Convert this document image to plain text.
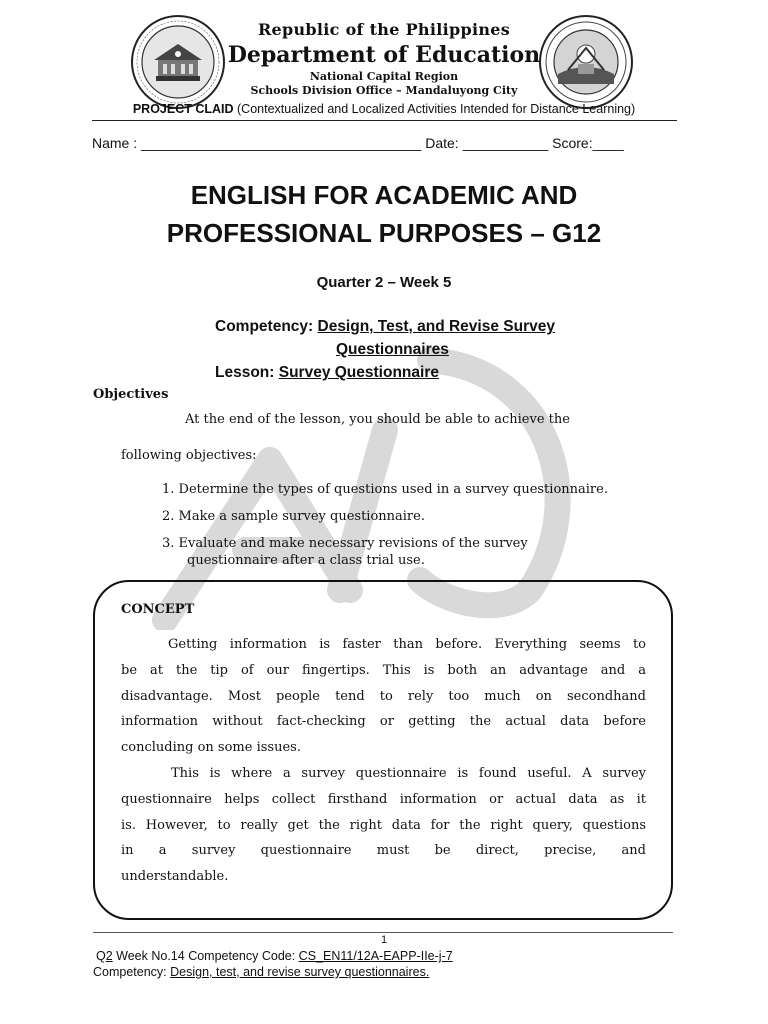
Republic of the Philippines
Department of Education
National Capital Region
Schools Division Office – Mandaluyong City
PROJECT CLAID (Contextualized and Localized Activities Intended for Distance Learning)
Name : ____________________________________ Date: ___________ Score:____
ENGLISH FOR ACADEMIC AND
PROFESSIONAL PURPOSES – G12
Quarter 2 – Week 5
Competency: Design, Test, and Revise Survey
Questionnaires
Lesson: Survey Questionnaire
Objectives
At the end of the lesson, you should be able to achieve the
following objectives:
1. Determine the types of questions used in a survey questionnaire.
2. Make a sample survey questionnaire.
3. Evaluate and make necessary revisions of the survey
questionnaire after a class trial use.
CONCEPT
Getting information is faster than before. Everything seems to
be at the tip of our fingertips. This is both an advantage and a
disadvantage. Most people tend to rely too much on secondhand
information without fact-checking or getting the actual data before
concluding on some issues.
This is where a survey questionnaire is found useful. A survey
questionnaire helps collect firsthand information or actual data as it
is. However, to really get the right data for the right query, questions
in a survey questionnaire must be direct, precise, and
understandable.
1
Q2 Week No.14 Competency Code: CS_EN11/12A-EAPP-IIe-j-7
Competency: Design, test, and revise survey questionnaires.
